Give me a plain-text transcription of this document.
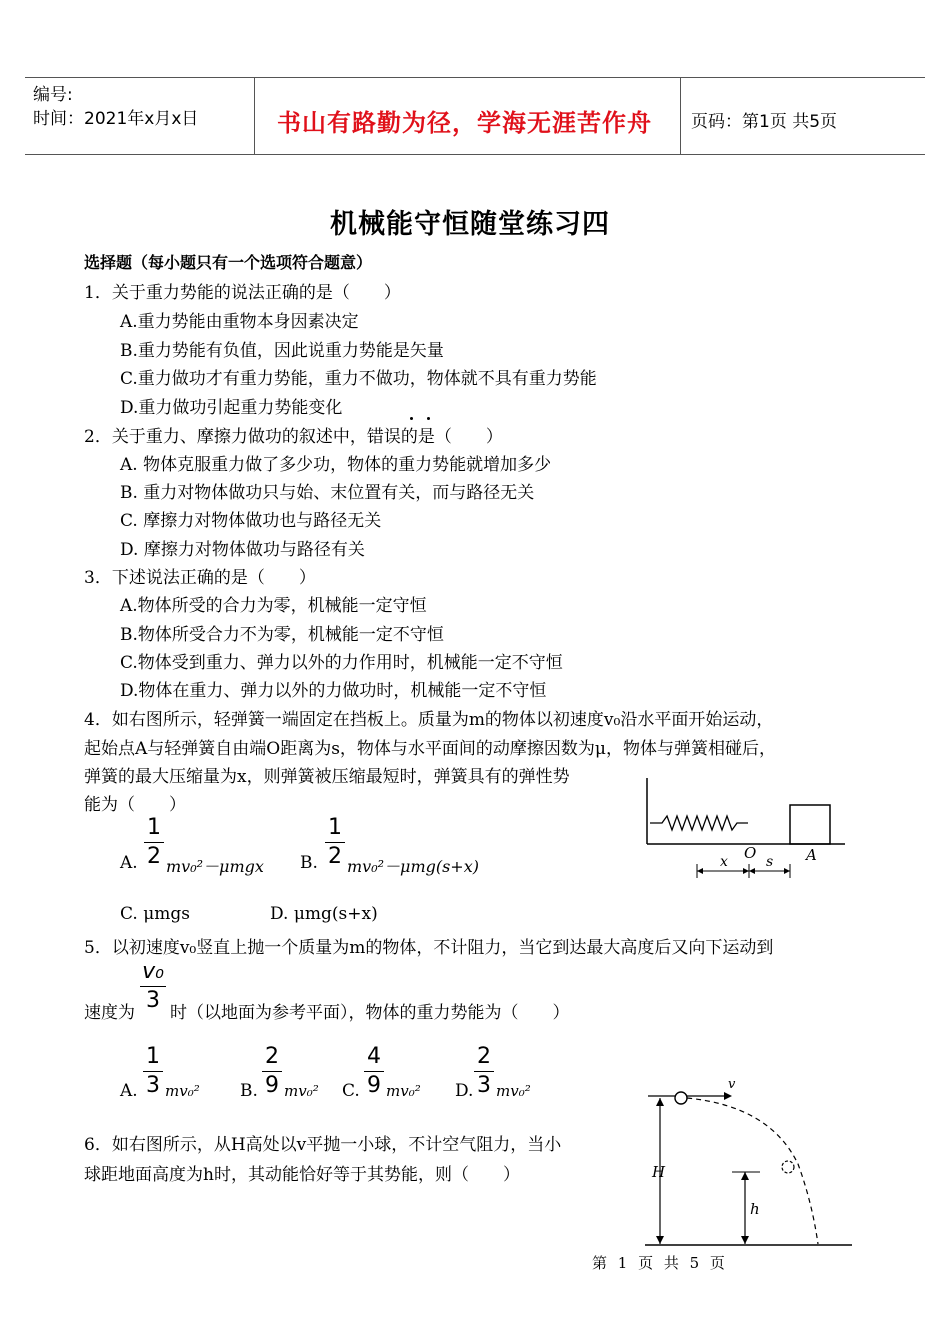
编号:
时间：2021年x月x日	书山有路勤为径，学海无涯苦作舟 页码：第1页 共5页
机械能守恒随堂练习四
选择题（每小题只有一个选项符合题意）
1．关于重力势能的说法正确的是（　　）
A.重力势能由重物本身因素决定
B.重力势能有负值，因此说重力势能是矢量
C.重力做功才有重力势能，重力不做功，物体就不具有重力势能
D.重力做功引起重力势能变化
2．关于重力、摩擦力做功的叙述中，错误的是（　　）
A. 物体克服重力做了多少功，物体的重力势能就增加多少
B. 重力对物体做功只与始、末位置有关，而与路径无关
C. 摩擦力对物体做功也与路径无关
D. 摩擦力对物体做功与路径有关
3．下述说法正确的是（　　）
A.物体所受的合力为零，机械能一定守恒
B.物体所受合力不为零，机械能一定不守恒
C.物体受到重力、弹力以外的力作用时，机械能一定不守恒
D.物体在重力、弹力以外的力做功时，机械能一定不守恒
4．如右图所示，轻弹簧一端固定在挡板上。质量为m的物体以初速度v₀沿水平面开始运动，
起始点A与轻弹簧自由端O距离为s，物体与水平面间的动摩擦因数为μ，物体与弹簧相碰后，
弹簧的最大压缩量为x，则弹簧被压缩最短时，弹簧具有的弹性势
能为（　　）
A.
1
2 mv₀²－μmgx B.
1
2 mv₀²－μmg(s+x)
C. μmgs	D. μmg(s+x)
x O s A
5．以初速度v₀竖直上抛一个质量为m的物体，不计阻力，当它到达最大高度后又向下运动到
速度为
v₀
3 时（以地面为参考平面），物体的重力势能为（　　）
A.
1
3 mv₀² B.
2
9 mv₀² C.
4
9 mv₀² D.
2
3 mv₀²
6．如右图所示，从H高处以v平抛一小球，不计空气阻力，当小
球距地面高度为h时，其动能恰好等于其势能，则（　　）
v
H
h
第 1 页 共 5 页
